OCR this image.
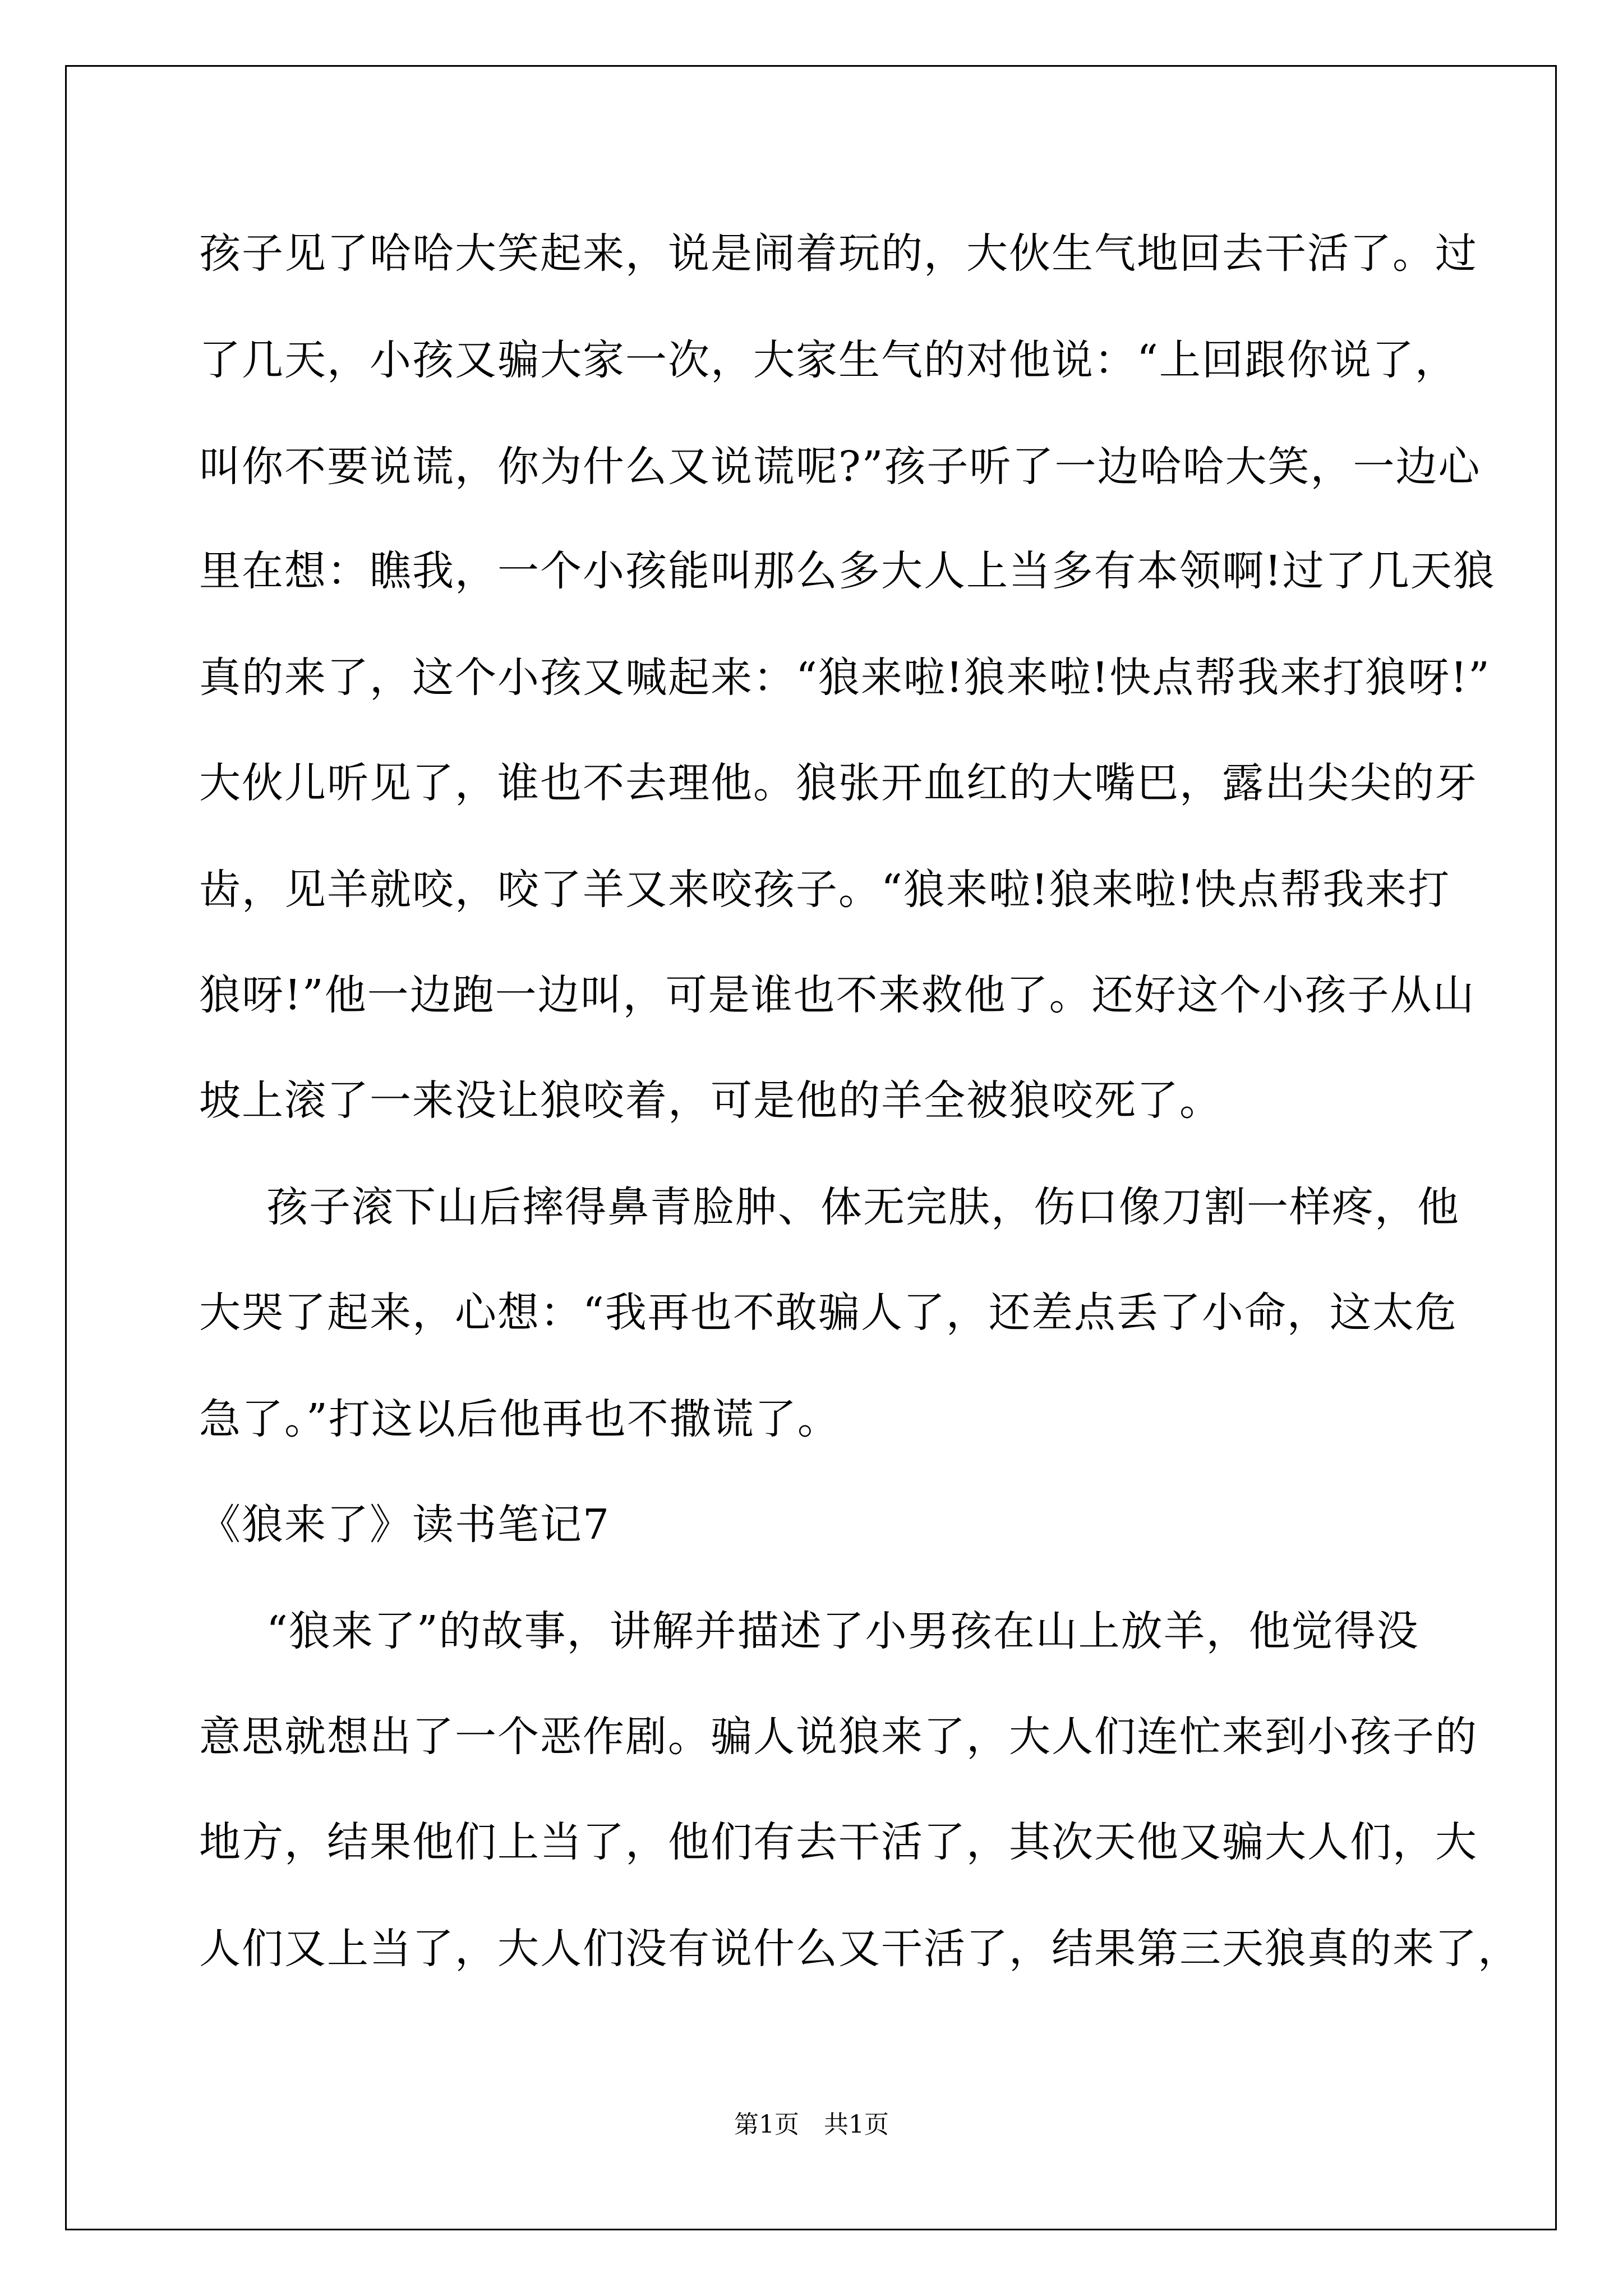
孩子见了哈哈大笑起来，说是闹着玩的，大伙生气地回去干活了。过
了几天，小孩又骗大家一次，大家生气的对他说：“上回跟你说了，
叫你不要说谎，你为什么又说谎呢?”孩子听了一边哈哈大笑，一边心
里在想：瞧我，一个小孩能叫那么多大人上当多有本领啊!过了几天狼
真的来了，这个小孩又喊起来：“狼来啦!狼来啦!快点帮我来打狼呀!”
大伙儿听见了，谁也不去理他。狼张开血红的大嘴巴，露出尖尖的牙
齿，见羊就咬，咬了羊又来咬孩子。“狼来啦!狼来啦!快点帮我来打
狼呀!”他一边跑一边叫，可是谁也不来救他了。还好这个小孩子从山
坡上滚了一来没让狼咬着，可是他的羊全被狼咬死了。
孩子滚下山后摔得鼻青脸肿、体无完肤，伤口像刀割一样疼，他
大哭了起来，心想：“我再也不敢骗人了，还差点丢了小命，这太危
急了。”打这以后他再也不撒谎了。
《狼来了》读书笔记7
“狼来了”的故事，讲解并描述了小男孩在山上放羊，他觉得没
意思就想出了一个恶作剧。骗人说狼来了，大人们连忙来到小孩子的
地方，结果他们上当了，他们有去干活了，其次天他又骗大人们，大
人们又上当了，大人们没有说什么又干活了，结果第三天狼真的来了，
第1页　共1页
